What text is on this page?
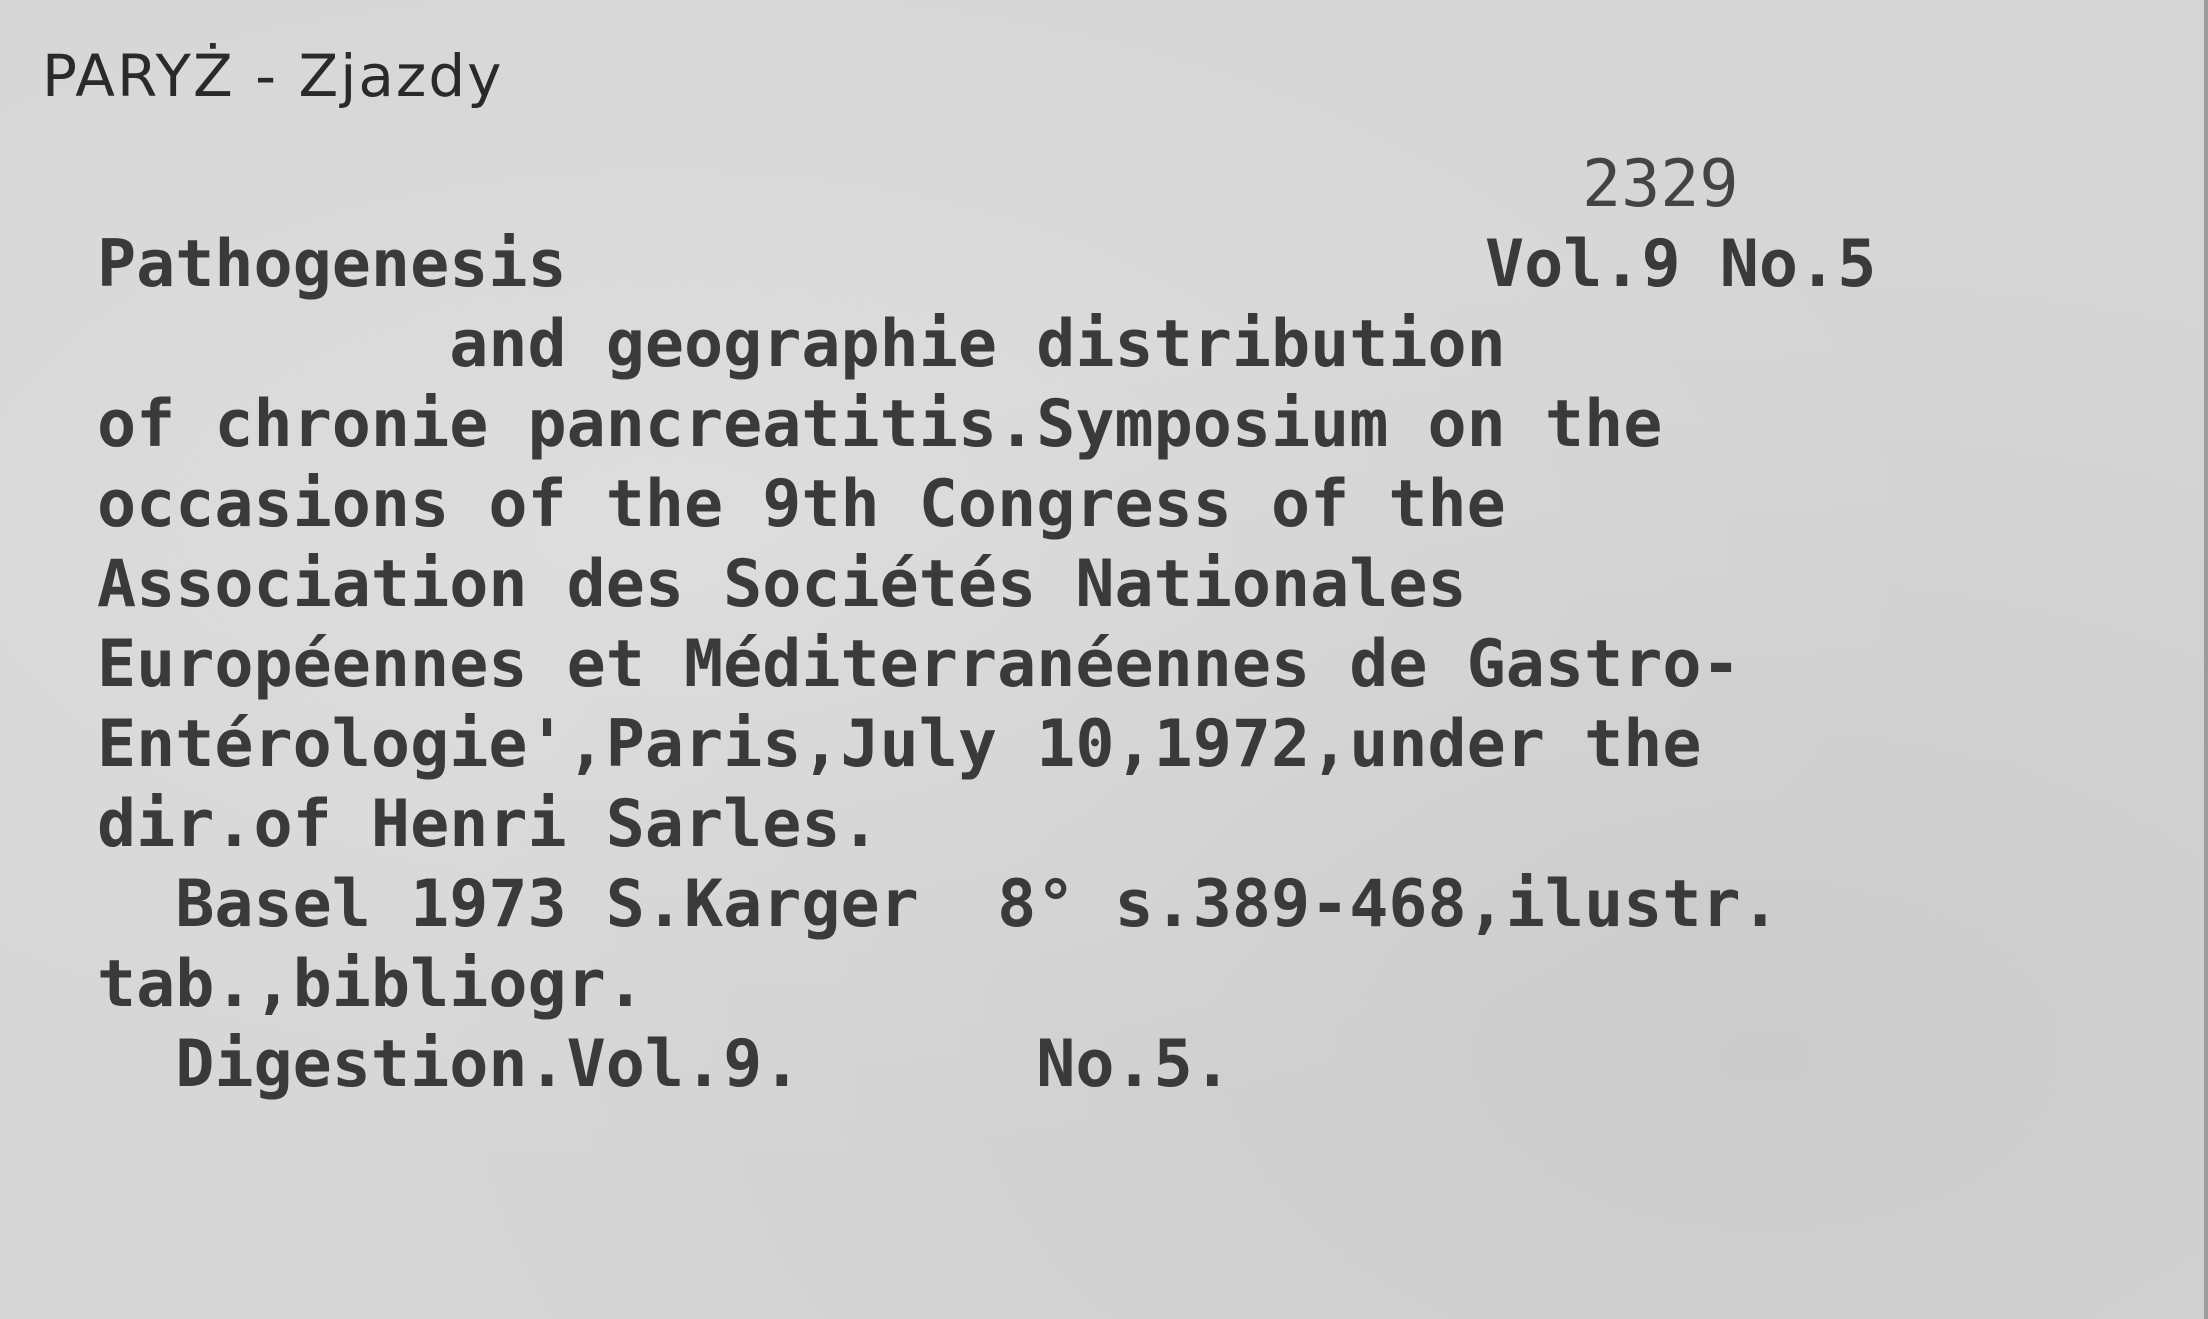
PARYŻ - Zjazdy
2329
Pathogenesis	Vol.9 No.5
and geographie distribution
of chronie pancreatitis.Symposium on the
occasions of the 9th Congress of the
Association des Sociétés Nationales
Européennes et Méditerranéennes de Gastro-
Entérologie',Paris,July 10,1972,under the
dir.of Henri Sarles.
Basel 1973 S.Karger  8° s.389-468,ilustr.
tab.,bibliogr.
Digestion.Vol.9.      No.5.
